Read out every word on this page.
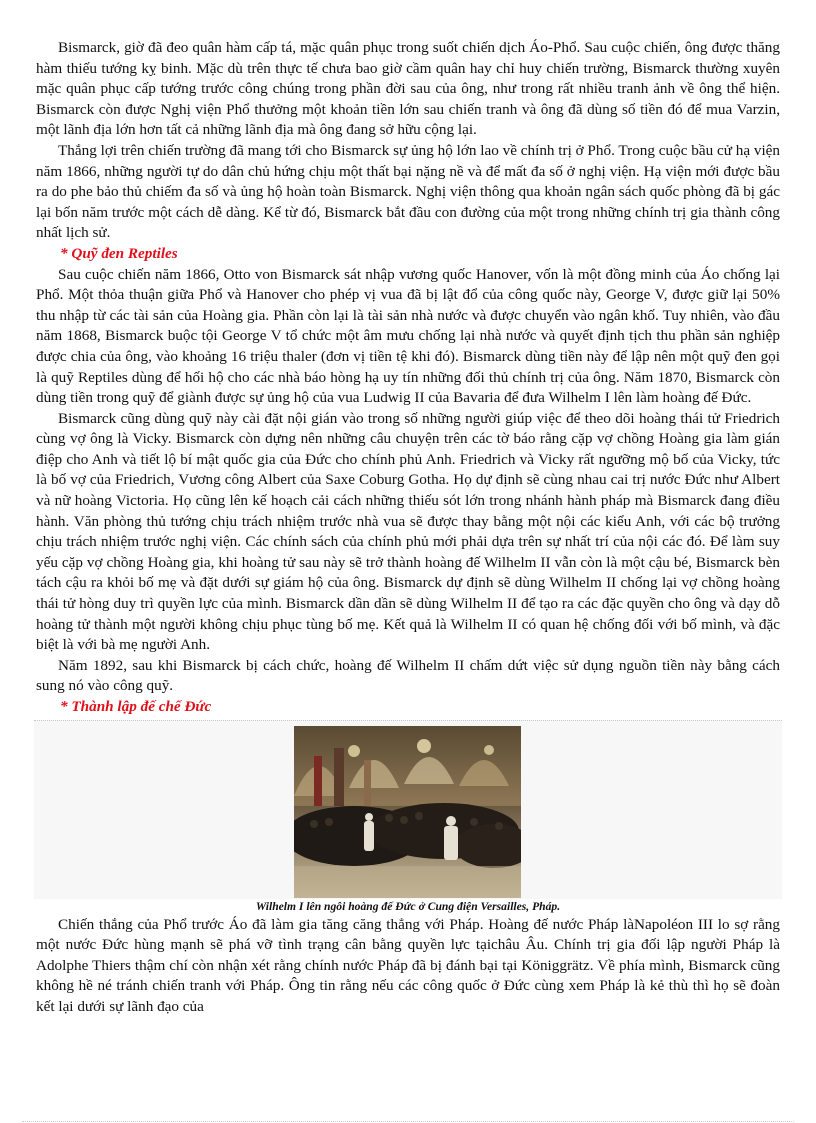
Bismarck, giờ đã đeo quân hàm cấp tá, mặc quân phục trong suốt chiến dịch Áo-Phổ. Sau cuộc chiến, ông được thăng hàm thiếu tướng kỵ binh. Mặc dù trên thực tế chưa bao giờ cầm quân hay chỉ huy chiến trường, Bismarck thường xuyên mặc quân phục cấp tướng trước công chúng trong phần đời sau của ông, như trong rất nhiều tranh ảnh về ông thể hiện. Bismarck còn được Nghị viện Phổ thưởng một khoản tiền lớn sau chiến tranh và ông đã dùng số tiền đó để mua Varzin, một lãnh địa lớn hơn tất cả những lãnh địa mà ông đang sở hữu cộng lại.

Thắng lợi trên chiến trường đã mang tới cho Bismarck sự ủng hộ lớn lao về chính trị ở Phổ. Trong cuộc bầu cử hạ viện năm 1866, những người tự do dân chủ hứng chịu một thất bại nặng nề và để mất đa số ở nghị viện. Hạ viện mới được bầu ra do phe bảo thủ chiếm đa số và ủng hộ hoàn toàn Bismarck. Nghị viện thông qua khoản ngân sách quốc phòng đã bị gác lại bốn năm trước một cách dễ dàng. Kể từ đó, Bismarck bắt đầu con đường của một trong những chính trị gia thành công nhất lịch sử.

* Quỹ đen Reptiles

Sau cuộc chiến năm 1866, Otto von Bismarck sát nhập vương quốc Hanover, vốn là một đồng minh của Áo chống lại Phổ. Một thỏa thuận giữa Phổ và Hanover cho phép vị vua đã bị lật đổ của công quốc này, George V, được giữ lại 50% thu nhập từ các tài sản của Hoàng gia. Phần còn lại là tài sản nhà nước và được chuyển vào ngân khố. Tuy nhiên, vào đầu năm 1868, Bismarck buộc tội George V tổ chức một âm mưu chống lại nhà nước và quyết định tịch thu phần sản nghiệp được chia của ông, vào khoảng 16 triệu thaler (đơn vị tiền tệ khi đó). Bismarck dùng tiền này để lập nên một quỹ đen gọi là quỹ Reptiles dùng để hối hộ cho các nhà báo hòng hạ uy tín những đối thủ chính trị của ông. Năm 1870, Bismarck còn dùng tiền trong quỹ để giành được sự ủng hộ của vua Ludwig II của Bavaria để đưa Wilhelm I lên làm hoàng đế Đức.

Bismarck cũng dùng quỹ này cài đặt nội gián vào trong số những người giúp việc để theo dõi hoàng thái tử Friedrich cùng vợ ông là Vicky. Bismarck còn dựng nên những câu chuyện trên các tờ báo rằng cặp vợ chồng Hoàng gia làm gián điệp cho Anh và tiết lộ bí mật quốc gia của Đức cho chính phủ Anh. Friedrich và Vicky rất ngưỡng mộ bố của Vicky, tức là bố vợ của Friedrich, Vương công Albert của Saxe Coburg Gotha. Họ dự định sẽ cùng nhau cai trị nước Đức như Albert và nữ hoàng Victoria. Họ cũng lên kế hoạch cải cách những thiếu sót lớn trong nhánh hành pháp mà Bismarck đang điều hành. Văn phòng thủ tướng chịu trách nhiệm trước nhà vua sẽ được thay bằng một nội các kiểu Anh, với các bộ trưởng chịu trách nhiệm trước nghị viện. Các chính sách của chính phủ mới phải dựa trên sự nhất trí của nội các đó. Để làm suy yếu cặp vợ chồng Hoàng gia, khi hoàng tử sau này sẽ trở thành hoàng đế Wilhelm II vẫn còn là một cậu bé, Bismarck bèn tách cậu ra khỏi bố mẹ và đặt dưới sự giám hộ của ông. Bismarck dự định sẽ dùng Wilhelm II chống lại vợ chồng hoàng thái tử hòng duy trì quyền lực của mình. Bismarck dần dần sẽ dùng Wilhelm II để tạo ra các đặc quyền cho ông và dạy dỗ hoàng tử thành một người không chịu phục tùng bố mẹ. Kết quả là Wilhelm II có quan hệ chống đối với bố mình, và đặc biệt là với bà mẹ người Anh.

Năm 1892, sau khi Bismarck bị cách chức, hoàng đế Wilhelm II chấm dứt việc sử dụng nguồn tiền này bằng cách sung nó vào công quỹ.

* Thành lập đế chế Đức
Wilhelm I lên ngôi hoàng đế Đức ở Cung điện Versailles, Pháp.

Chiến thắng của Phổ trước Áo đã làm gia tăng căng thẳng với Pháp. Hoàng đế nước Pháp làNapoléon III lo sợ rằng một nước Đức hùng mạnh sẽ phá vỡ tình trạng cân bằng quyền lực tạichâu Âu. Chính trị gia đối lập người Pháp là Adolphe Thiers thậm chí còn nhận xét rằng chính nước Pháp đã bị đánh bại tại Königgrätz. Về phía mình, Bismarck cũng không hề né tránh chiến tranh với Pháp. Ông tin rằng nếu các công quốc ở Đức cùng xem Pháp là kẻ thù thì họ sẽ đoàn kết lại dưới sự lãnh đạo của
